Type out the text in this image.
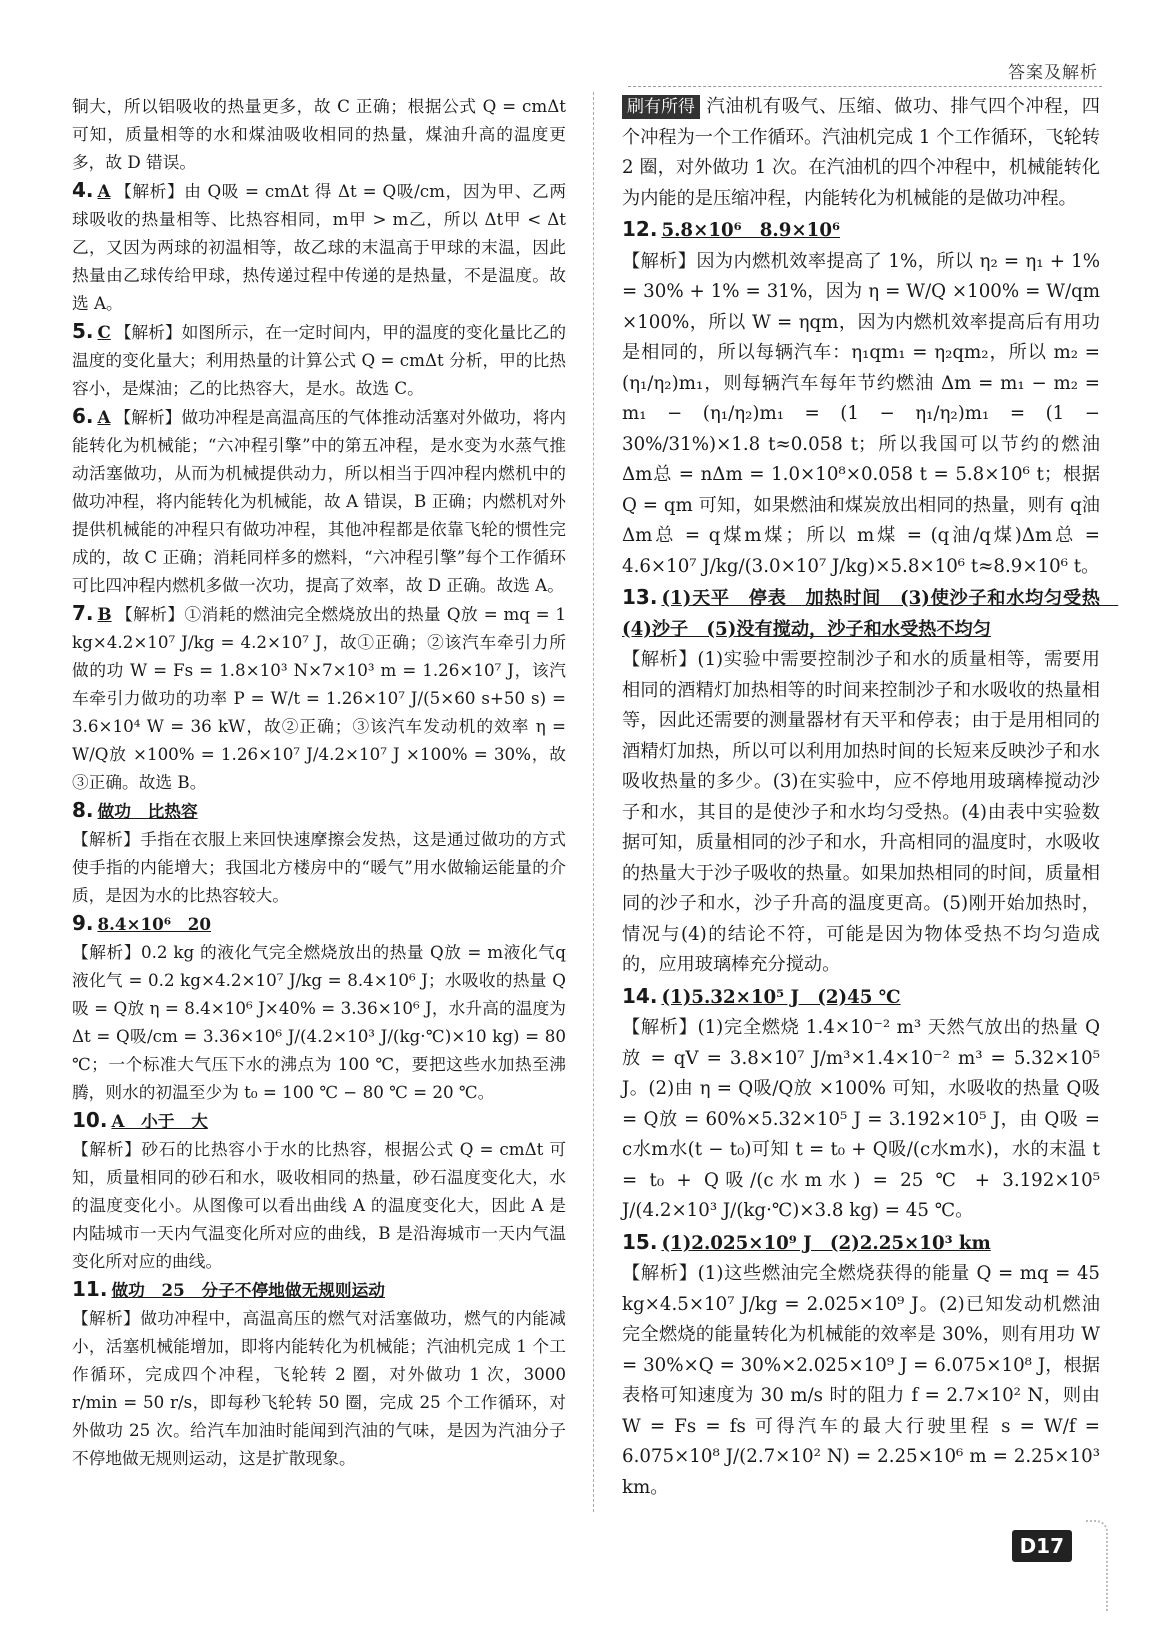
答案及解析

铜大，所以铝吸收的热量更多，故 C 正确；根据公式 Q = cmΔt 可知，质量相等的水和煤油吸收相同的热量，煤油升高的温度更多，故 D 错误。

4. A 【解析】由 Q吸 = cmΔt 得 Δt = Q吸/cm，因为甲、乙两球吸收的热量相等、比热容相同，m甲 > m乙，所以 Δt甲 < Δt乙，又因为两球的初温相等，故乙球的末温高于甲球的末温，因此热量由乙球传给甲球，热传递过程中传递的是热量，不是温度。故选 A。

5. C 【解析】如图所示，在一定时间内，甲的温度的变化量比乙的温度的变化量大；利用热量的计算公式 Q = cmΔt 分析，甲的比热容小，是煤油；乙的比热容大，是水。故选 C。

6. A 【解析】做功冲程是高温高压的气体推动活塞对外做功，将内能转化为机械能；“六冲程引擎”中的第五冲程，是水变为水蒸气推动活塞做功，从而为机械提供动力，所以相当于四冲程内燃机中的做功冲程，将内能转化为机械能，故 A 错误，B 正确；内燃机对外提供机械能的冲程只有做功冲程，其他冲程都是依靠飞轮的惯性完成的，故 C 正确；消耗同样多的燃料，“六冲程引擎”每个工作循环可比四冲程内燃机多做一次功，提高了效率，故 D 正确。故选 A。

7. B 【解析】①消耗的燃油完全燃烧放出的热量 Q放 = mq = 1 kg×4.2×10⁷ J/kg = 4.2×10⁷ J，故①正确；②该汽车牵引力所做的功 W = Fs = 1.8×10³ N×7×10³ m = 1.26×10⁷ J，该汽车牵引力做功的功率 P = W/t = 1.26×10⁷ J/(5×60 s+50 s) = 3.6×10⁴ W = 36 kW，故②正确；③该汽车发动机的效率 η = W/Q放 ×100% = 1.26×10⁷ J/4.2×10⁷ J ×100% = 30%，故③正确。故选 B。

8. 做功　比热容

【解析】手指在衣服上来回快速摩擦会发热，这是通过做功的方式使手指的内能增大；我国北方楼房中的“暖气”用水做输运能量的介质，是因为水的比热容较大。

9. 8.4×10⁶　20

【解析】0.2 kg 的液化气完全燃烧放出的热量 Q放 = m液化气q液化气 = 0.2 kg×4.2×10⁷ J/kg = 8.4×10⁶ J；水吸收的热量 Q吸 = Q放 η = 8.4×10⁶ J×40% = 3.36×10⁶ J，水升高的温度为 Δt = Q吸/cm = 3.36×10⁶ J/(4.2×10³ J/(kg·℃)×10 kg) = 80 ℃；一个标准大气压下水的沸点为 100 ℃，要把这些水加热至沸腾，则水的初温至少为 t₀ = 100 ℃ − 80 ℃ = 20 ℃。

10. A　小于　大

【解析】砂石的比热容小于水的比热容，根据公式 Q = cmΔt 可知，质量相同的砂石和水，吸收相同的热量，砂石温度变化大，水的温度变化小。从图像可以看出曲线 A 的温度变化大，因此 A 是内陆城市一天内气温变化所对应的曲线，B 是沿海城市一天内气温变化所对应的曲线。

11. 做功　25　分子不停地做无规则运动

【解析】做功冲程中，高温高压的燃气对活塞做功，燃气的内能减小，活塞机械能增加，即将内能转化为机械能；汽油机完成 1 个工作循环，完成四个冲程，飞轮转 2 圈，对外做功 1 次，3000 r/min = 50 r/s，即每秒飞轮转 50 圈，完成 25 个工作循环，对外做功 25 次。给汽车加油时能闻到汽油的气味，是因为汽油分子不停地做无规则运动，这是扩散现象。

刷有所得 汽油机有吸气、压缩、做功、排气四个冲程，四个冲程为一个工作循环。汽油机完成 1 个工作循环，飞轮转 2 圈，对外做功 1 次。在汽油机的四个冲程中，机械能转化为内能的是压缩冲程，内能转化为机械能的是做功冲程。

12. 5.8×10⁶　8.9×10⁶

【解析】因为内燃机效率提高了 1%，所以 η₂ = η₁ + 1% = 30% + 1% = 31%，因为 η = W/Q ×100% = W/qm ×100%，所以 W = ηqm，因为内燃机效率提高后有用功是相同的，所以每辆汽车：η₁qm₁ = η₂qm₂，所以 m₂ = (η₁/η₂)m₁，则每辆汽车每年节约燃油 Δm = m₁ − m₂ = m₁ − (η₁/η₂)m₁ = (1 − η₁/η₂)m₁ = (1 − 30%/31%)×1.8 t≈0.058 t；所以我国可以节约的燃油 Δm总 = nΔm = 1.0×10⁸×0.058 t = 5.8×10⁶ t；根据 Q = qm 可知，如果燃油和煤炭放出相同的热量，则有 q油Δm总 = q煤m煤；所以 m煤 = (q油/q煤)Δm总 = 4.6×10⁷ J/kg/(3.0×10⁷ J/kg)×5.8×10⁶ t≈8.9×10⁶ t。

13. (1)天平　停表　加热时间　(3)使沙子和水均匀受热　(4)沙子　(5)没有搅动，沙子和水受热不均匀

【解析】(1)实验中需要控制沙子和水的质量相等，需要用相同的酒精灯加热相等的时间来控制沙子和水吸收的热量相等，因此还需要的测量器材有天平和停表；由于是用相同的酒精灯加热，所以可以利用加热时间的长短来反映沙子和水吸收热量的多少。(3)在实验中，应不停地用玻璃棒搅动沙子和水，其目的是使沙子和水均匀受热。(4)由表中实验数据可知，质量相同的沙子和水，升高相同的温度时，水吸收的热量大于沙子吸收的热量。如果加热相同的时间，质量相同的沙子和水，沙子升高的温度更高。(5)刚开始加热时，情况与(4)的结论不符，可能是因为物体受热不均匀造成的，应用玻璃棒充分搅动。

14. (1)5.32×10⁵ J　(2)45 ℃

【解析】(1)完全燃烧 1.4×10⁻² m³ 天然气放出的热量 Q放 = qV = 3.8×10⁷ J/m³×1.4×10⁻² m³ = 5.32×10⁵ J。(2)由 η = Q吸/Q放 ×100% 可知，水吸收的热量 Q吸 = Q放 = 60%×5.32×10⁵ J = 3.192×10⁵ J，由 Q吸 = c水m水(t − t₀)可知 t = t₀ + Q吸/(c水m水)，水的末温 t = t₀ + Q吸/(c水m水) = 25 ℃ + 3.192×10⁵ J/(4.2×10³ J/(kg·℃)×3.8 kg) = 45 ℃。

15. (1)2.025×10⁹ J　(2)2.25×10³ km

【解析】(1)这些燃油完全燃烧获得的能量 Q = mq = 45 kg×4.5×10⁷ J/kg = 2.025×10⁹ J。(2)已知发动机燃油完全燃烧的能量转化为机械能的效率是 30%，则有用功 W = 30%×Q = 30%×2.025×10⁹ J = 6.075×10⁸ J，根据表格可知速度为 30 m/s 时的阻力 f = 2.7×10² N，则由 W = Fs = fs 可得汽车的最大行驶里程 s = W/f = 6.075×10⁸ J/(2.7×10² N) = 2.25×10⁶ m = 2.25×10³ km。

D17
